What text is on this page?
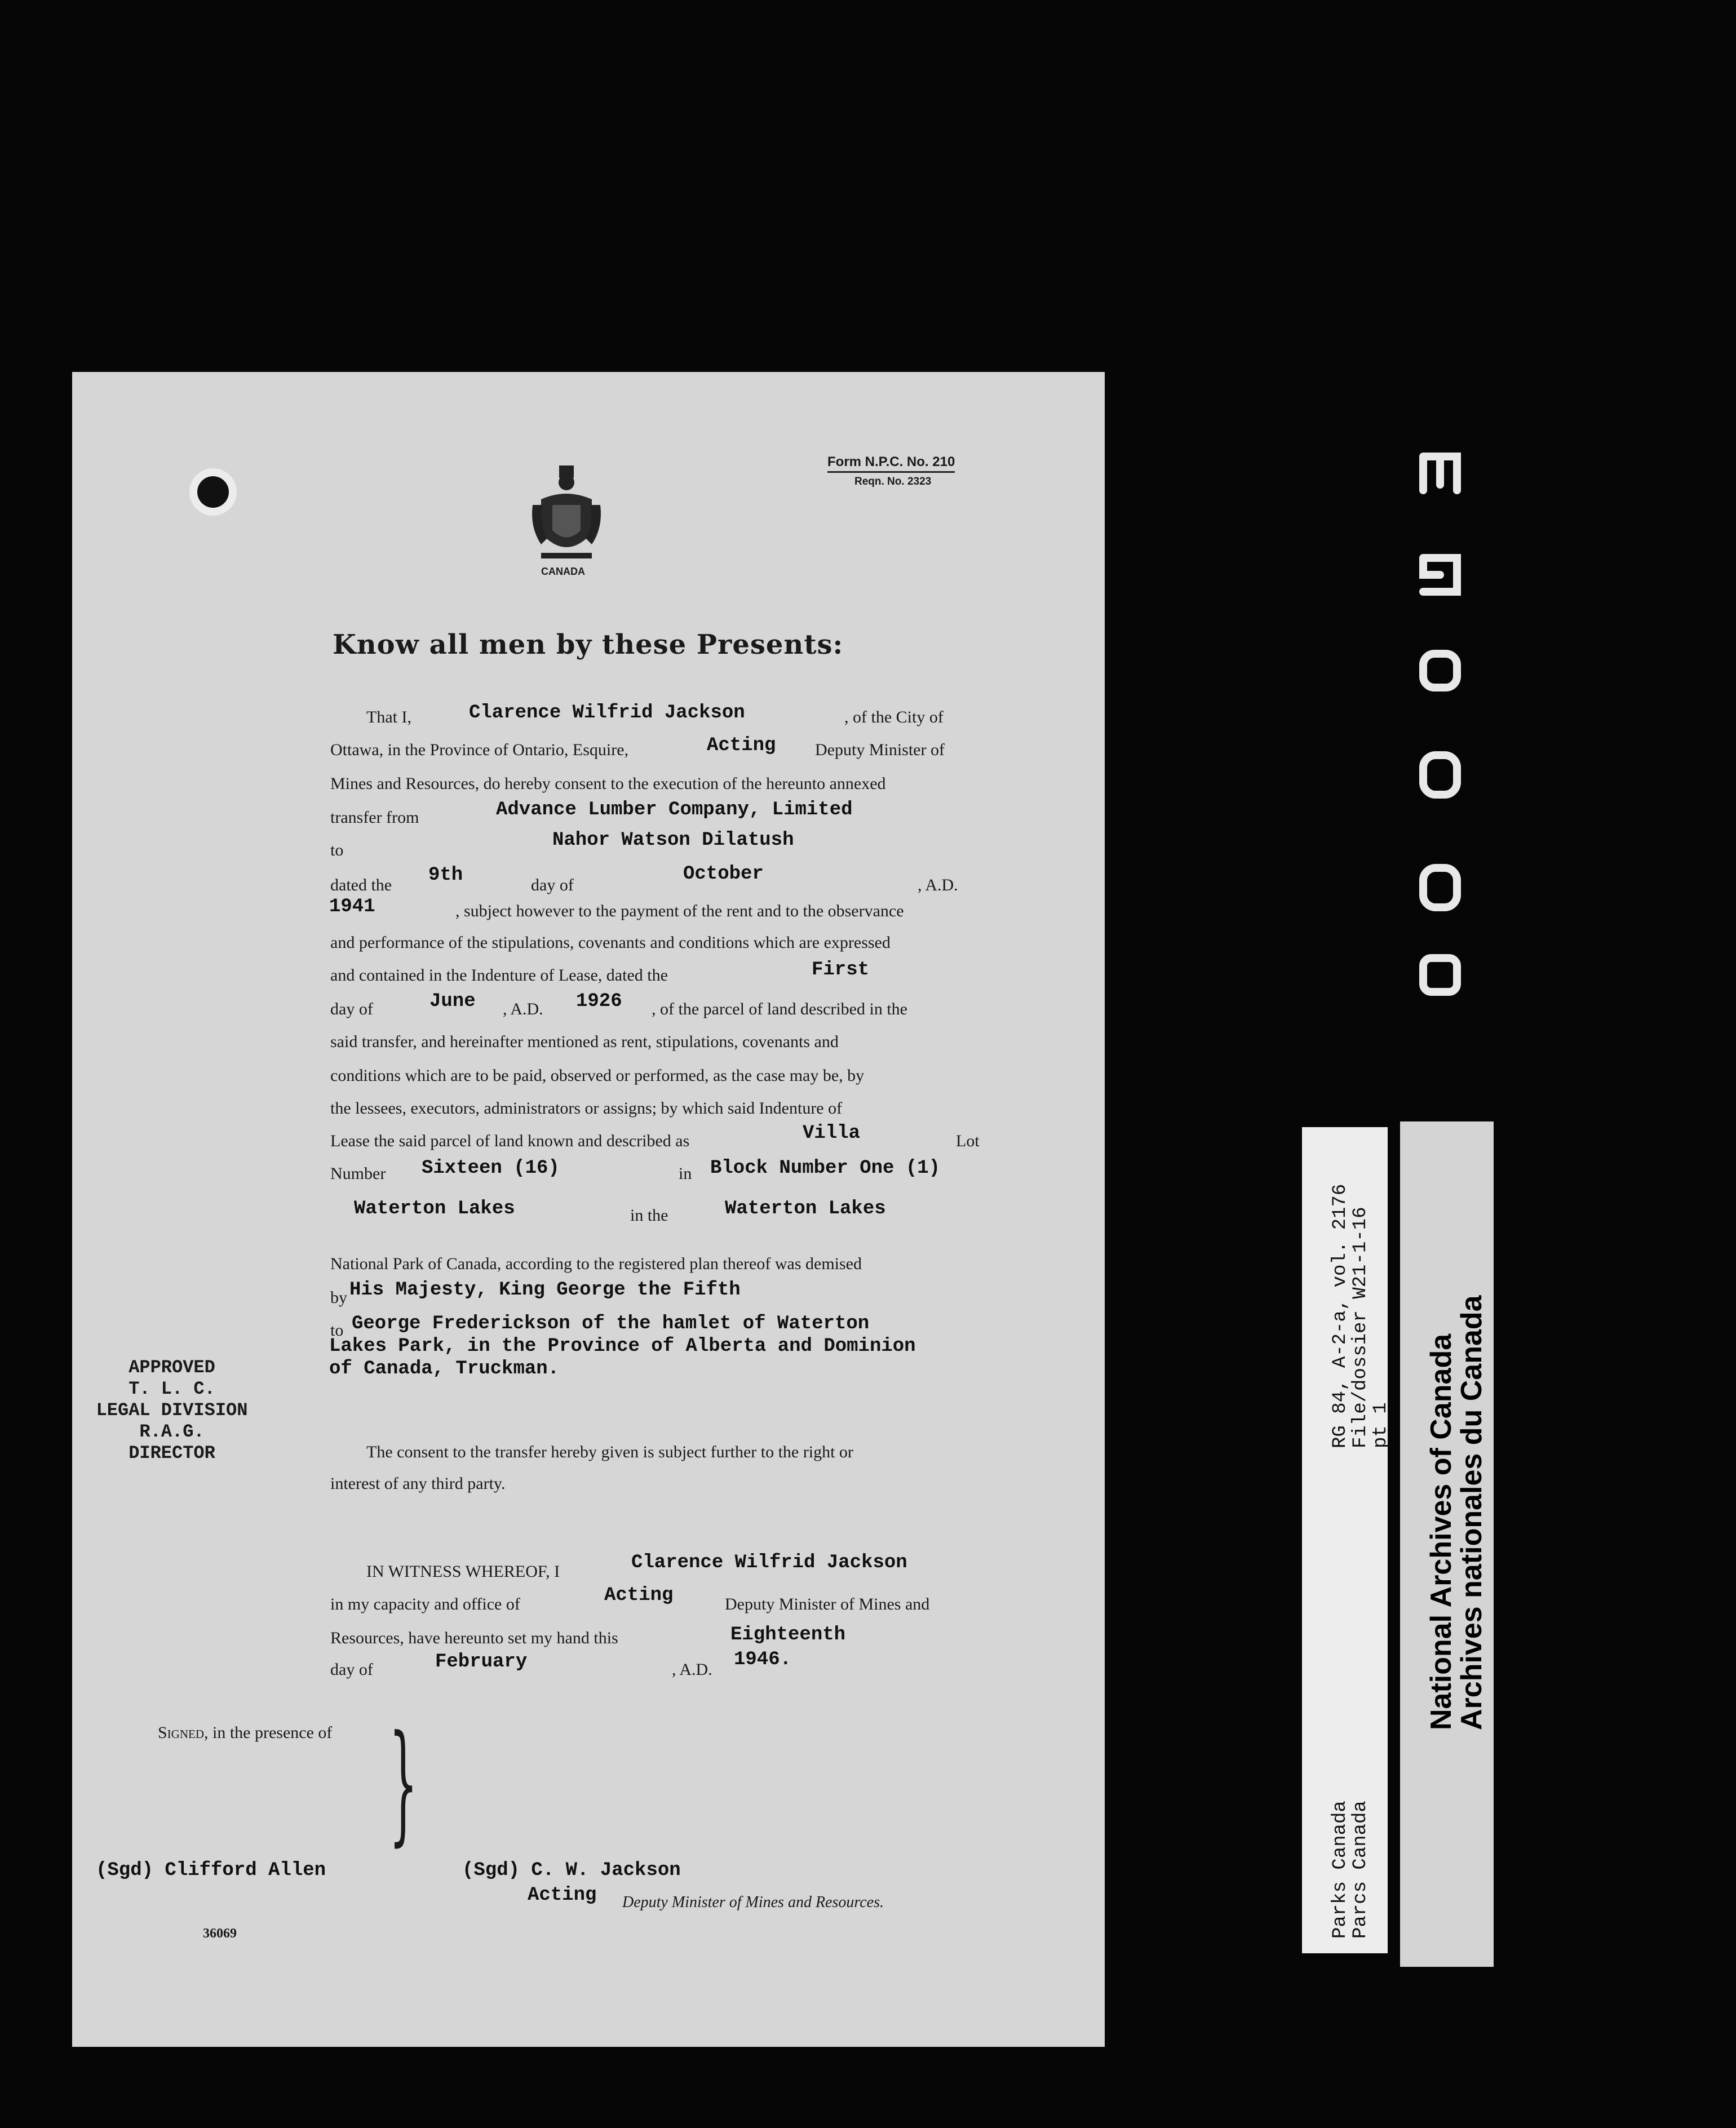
Form N.P.C. No. 210
Reqn. No. 2323
CANADA
Know all men by these Presents:
That I,	Clarence Wilfrid Jackson	, of the City of
Ottawa, in the Province of Ontario, Esquire,	Acting Deputy Minister of
Mines and Resources, do hereby consent to the execution of the hereunto annexed
transfer from	Advance Lumber Company, Limited
to	Nahor Watson Dilatush
dated the 9th	day of
October
, A.D.
1941	, subject however to the payment of the rent and to the observance
and performance of the stipulations, covenants and conditions which are expressed
and contained in the Indenture of Lease, dated the	First
day of	June , A.D. 1926 , of the parcel of land described in the
said transfer, and hereinafter mentioned as rent, stipulations, covenants and
conditions which are to be paid, observed or performed, as the case may be, by
the lessees, executors, administrators or assigns; by which said Indenture of
Lease the said parcel of land known and described as	Villa	Lot
Number Sixteen (16)	in Block Number One (1)
Waterton Lakes	in the	Waterton Lakes
National Park of Canada, according to the registered plan thereof was demised
by His Majesty, King George the Fifth
to George Frederickson of the hamlet of Waterton
Lakes Park, in the Province of Alberta and Dominion
of Canada, Truckman.
APPROVED
T. L. C.
LEGAL DIVISION
R.A.G.
DIRECTOR	The consent to the transfer hereby given is subject further to the right or
interest of any third party.
IN WITNESS WHEREOF, I	Clarence Wilfrid Jackson
in my capacity and office of	Acting	Deputy Minister of Mines and
Resources, have hereunto set my hand this	Eighteenth
day of	February	, A.D. 1946.
Signed, in the presence of }
(Sgd) Clifford Allen	(Sgd) C. W. Jackson
Acting Deputy Minister of Mines and Resources.
36069
RG 84, A-2-a, vol. 2176
File/dossier W21-1-16
pt 1
Parks Canada
Parcs Canada
National Archives of Canada
Archives nationales du Canada
